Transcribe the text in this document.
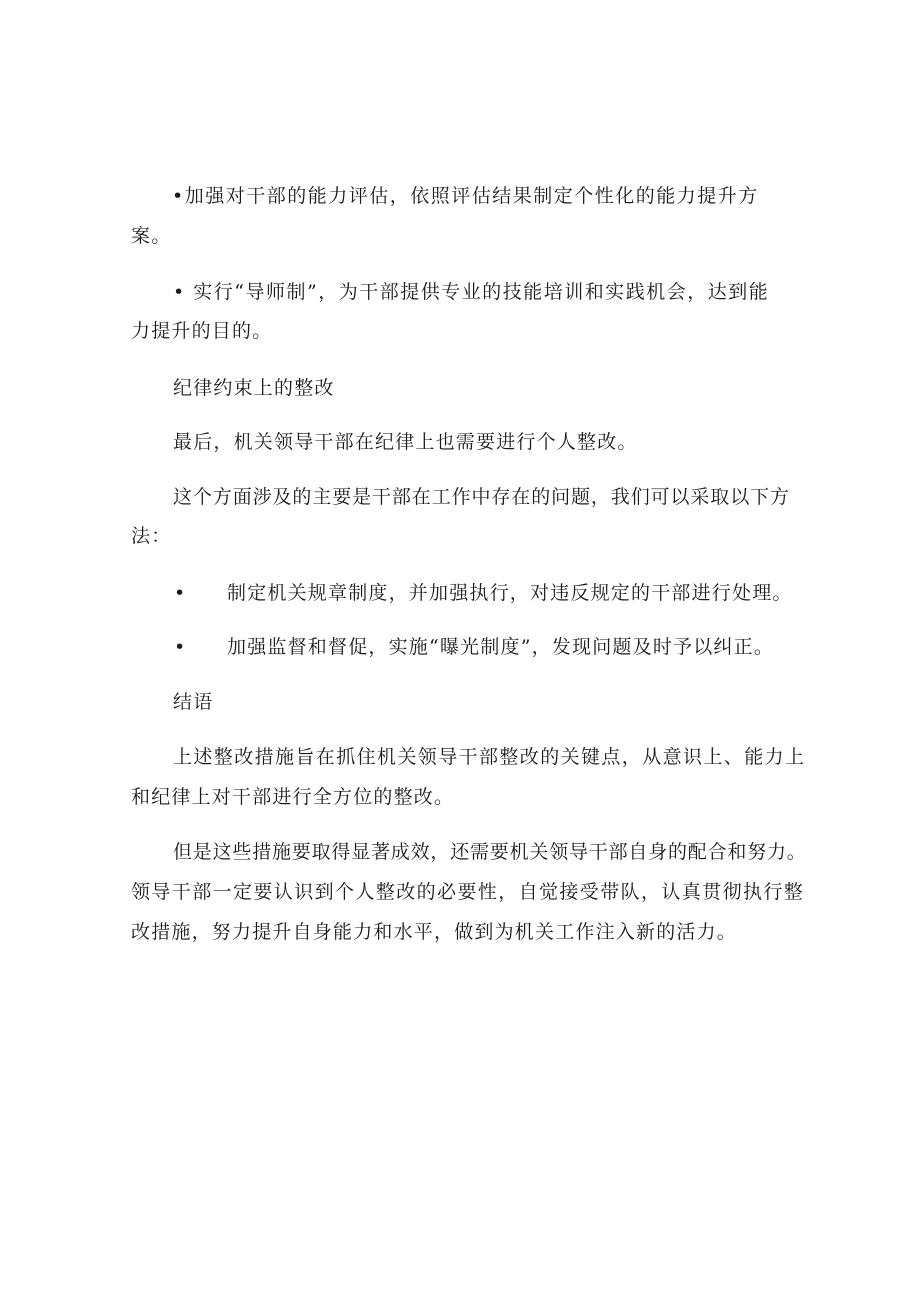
•加强对干部的能力评估，依照评估结果制定个性化的能力提升方
案。
• 实行“导师制”，为干部提供专业的技能培训和实践机会，达到能
力提升的目的。
纪律约束上的整改
最后，机关领导干部在纪律上也需要进行个人整改。
这个方面涉及的主要是干部在工作中存在的问题，我们可以采取以下方
法：
• 制定机关规章制度，并加强执行，对违反规定的干部进行处理。
• 加强监督和督促，实施“曝光制度”，发现问题及时予以纠正。
结语
上述整改措施旨在抓住机关领导干部整改的关键点，从意识上、能力上
和纪律上对干部进行全方位的整改。
但是这些措施要取得显著成效，还需要机关领导干部自身的配合和努力。
领导干部一定要认识到个人整改的必要性，自觉接受带队，认真贯彻执行整
改措施，努力提升自身能力和水平，做到为机关工作注入新的活力。
